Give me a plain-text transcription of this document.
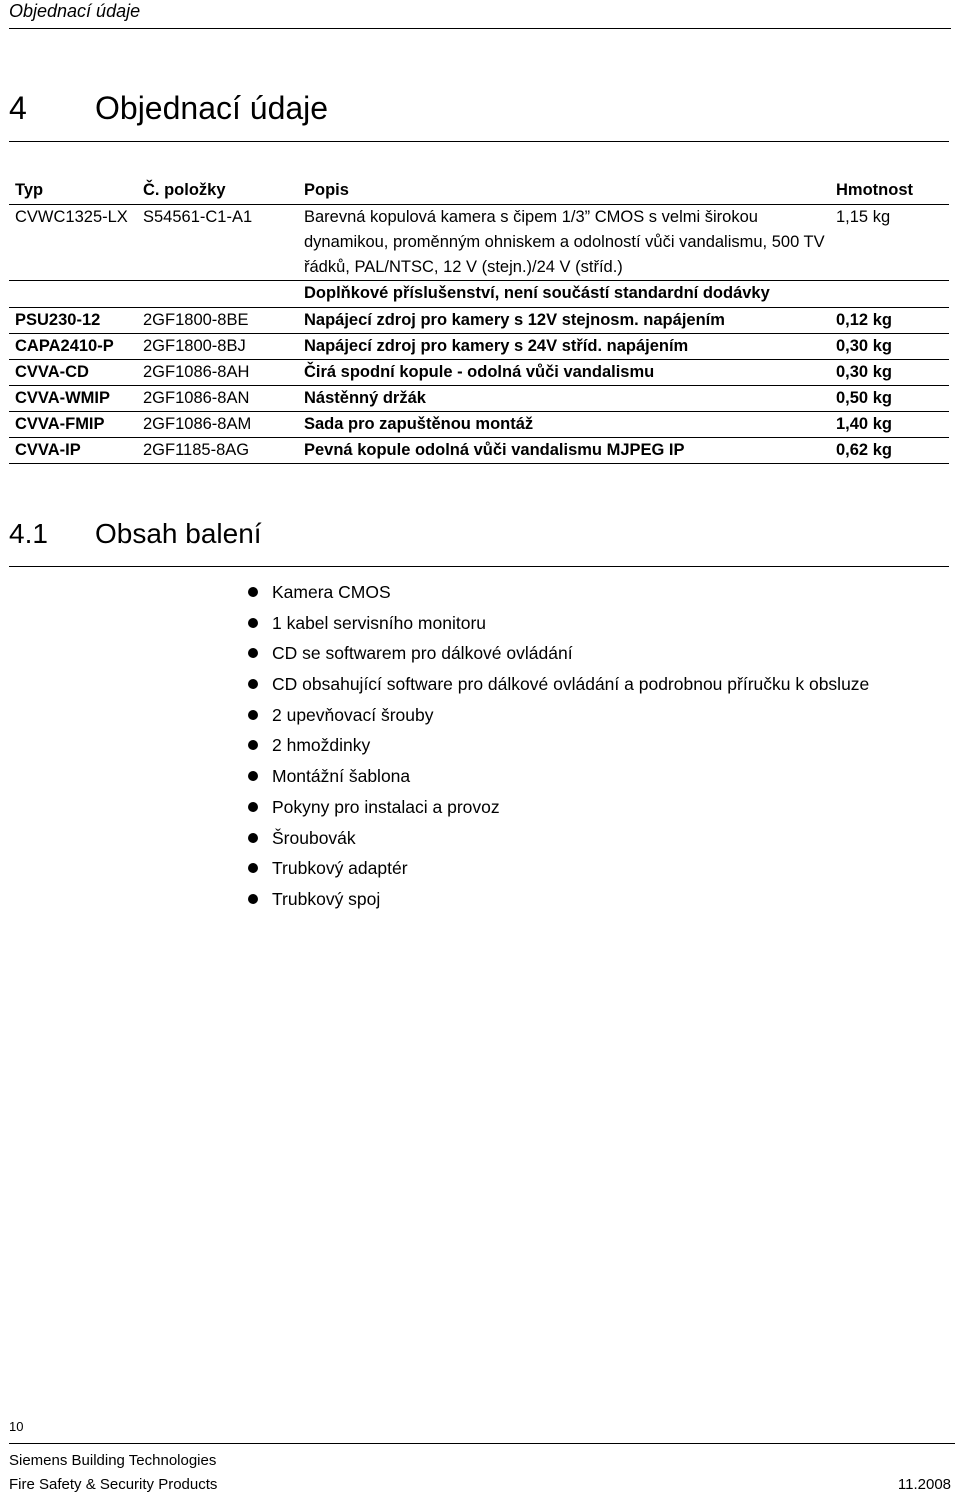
Objednací údaje
4 Objednací údaje
Typ	Č. položky	Popis	Hmotnost
CVWC1325-LX	S54561-C1-A1	Barevná kopulová kamera s čipem 1/3” CMOS s velmi širokou dynamikou, proměnným ohniskem a odolností vůči vandalismu, 500 TV řádků, PAL/NTSC, 12 V (stejn.)/24 V (stříd.)	1,15 kg
		Doplňkové příslušenství, není součástí standardní dodávky	
PSU230-12	2GF1800-8BE	Napájecí zdroj pro kamery s 12V stejnosm. napájením	0,12 kg
CAPA2410-P	2GF1800-8BJ	Napájecí zdroj pro kamery s 24V stříd. napájením	0,30 kg
CVVA-CD	2GF1086-8AH	Čirá spodní kopule - odolná vůči vandalismu	0,30 kg
CVVA-WMIP	2GF1086-8AN	Nástěnný držák	0,50 kg
CVVA-FMIP	2GF1086-8AM	Sada pro zapuštěnou montáž	1,40 kg
CVVA-IP	2GF1185-8AG	Pevná kopule odolná vůči vandalismu MJPEG IP	0,62 kg
4.1 Obsah balení
Kamera CMOS
1 kabel servisního monitoru
CD se softwarem pro dálkové ovládání
CD obsahující software pro dálkové ovládání a podrobnou příručku k obsluze
2 upevňovací šrouby
2 hmoždinky
Montážní šablona
Pokyny pro instalaci a provoz
Šroubovák
Trubkový adaptér
Trubkový spoj
10
Siemens Building Technologies
Fire Safety & Security Products	11.2008
